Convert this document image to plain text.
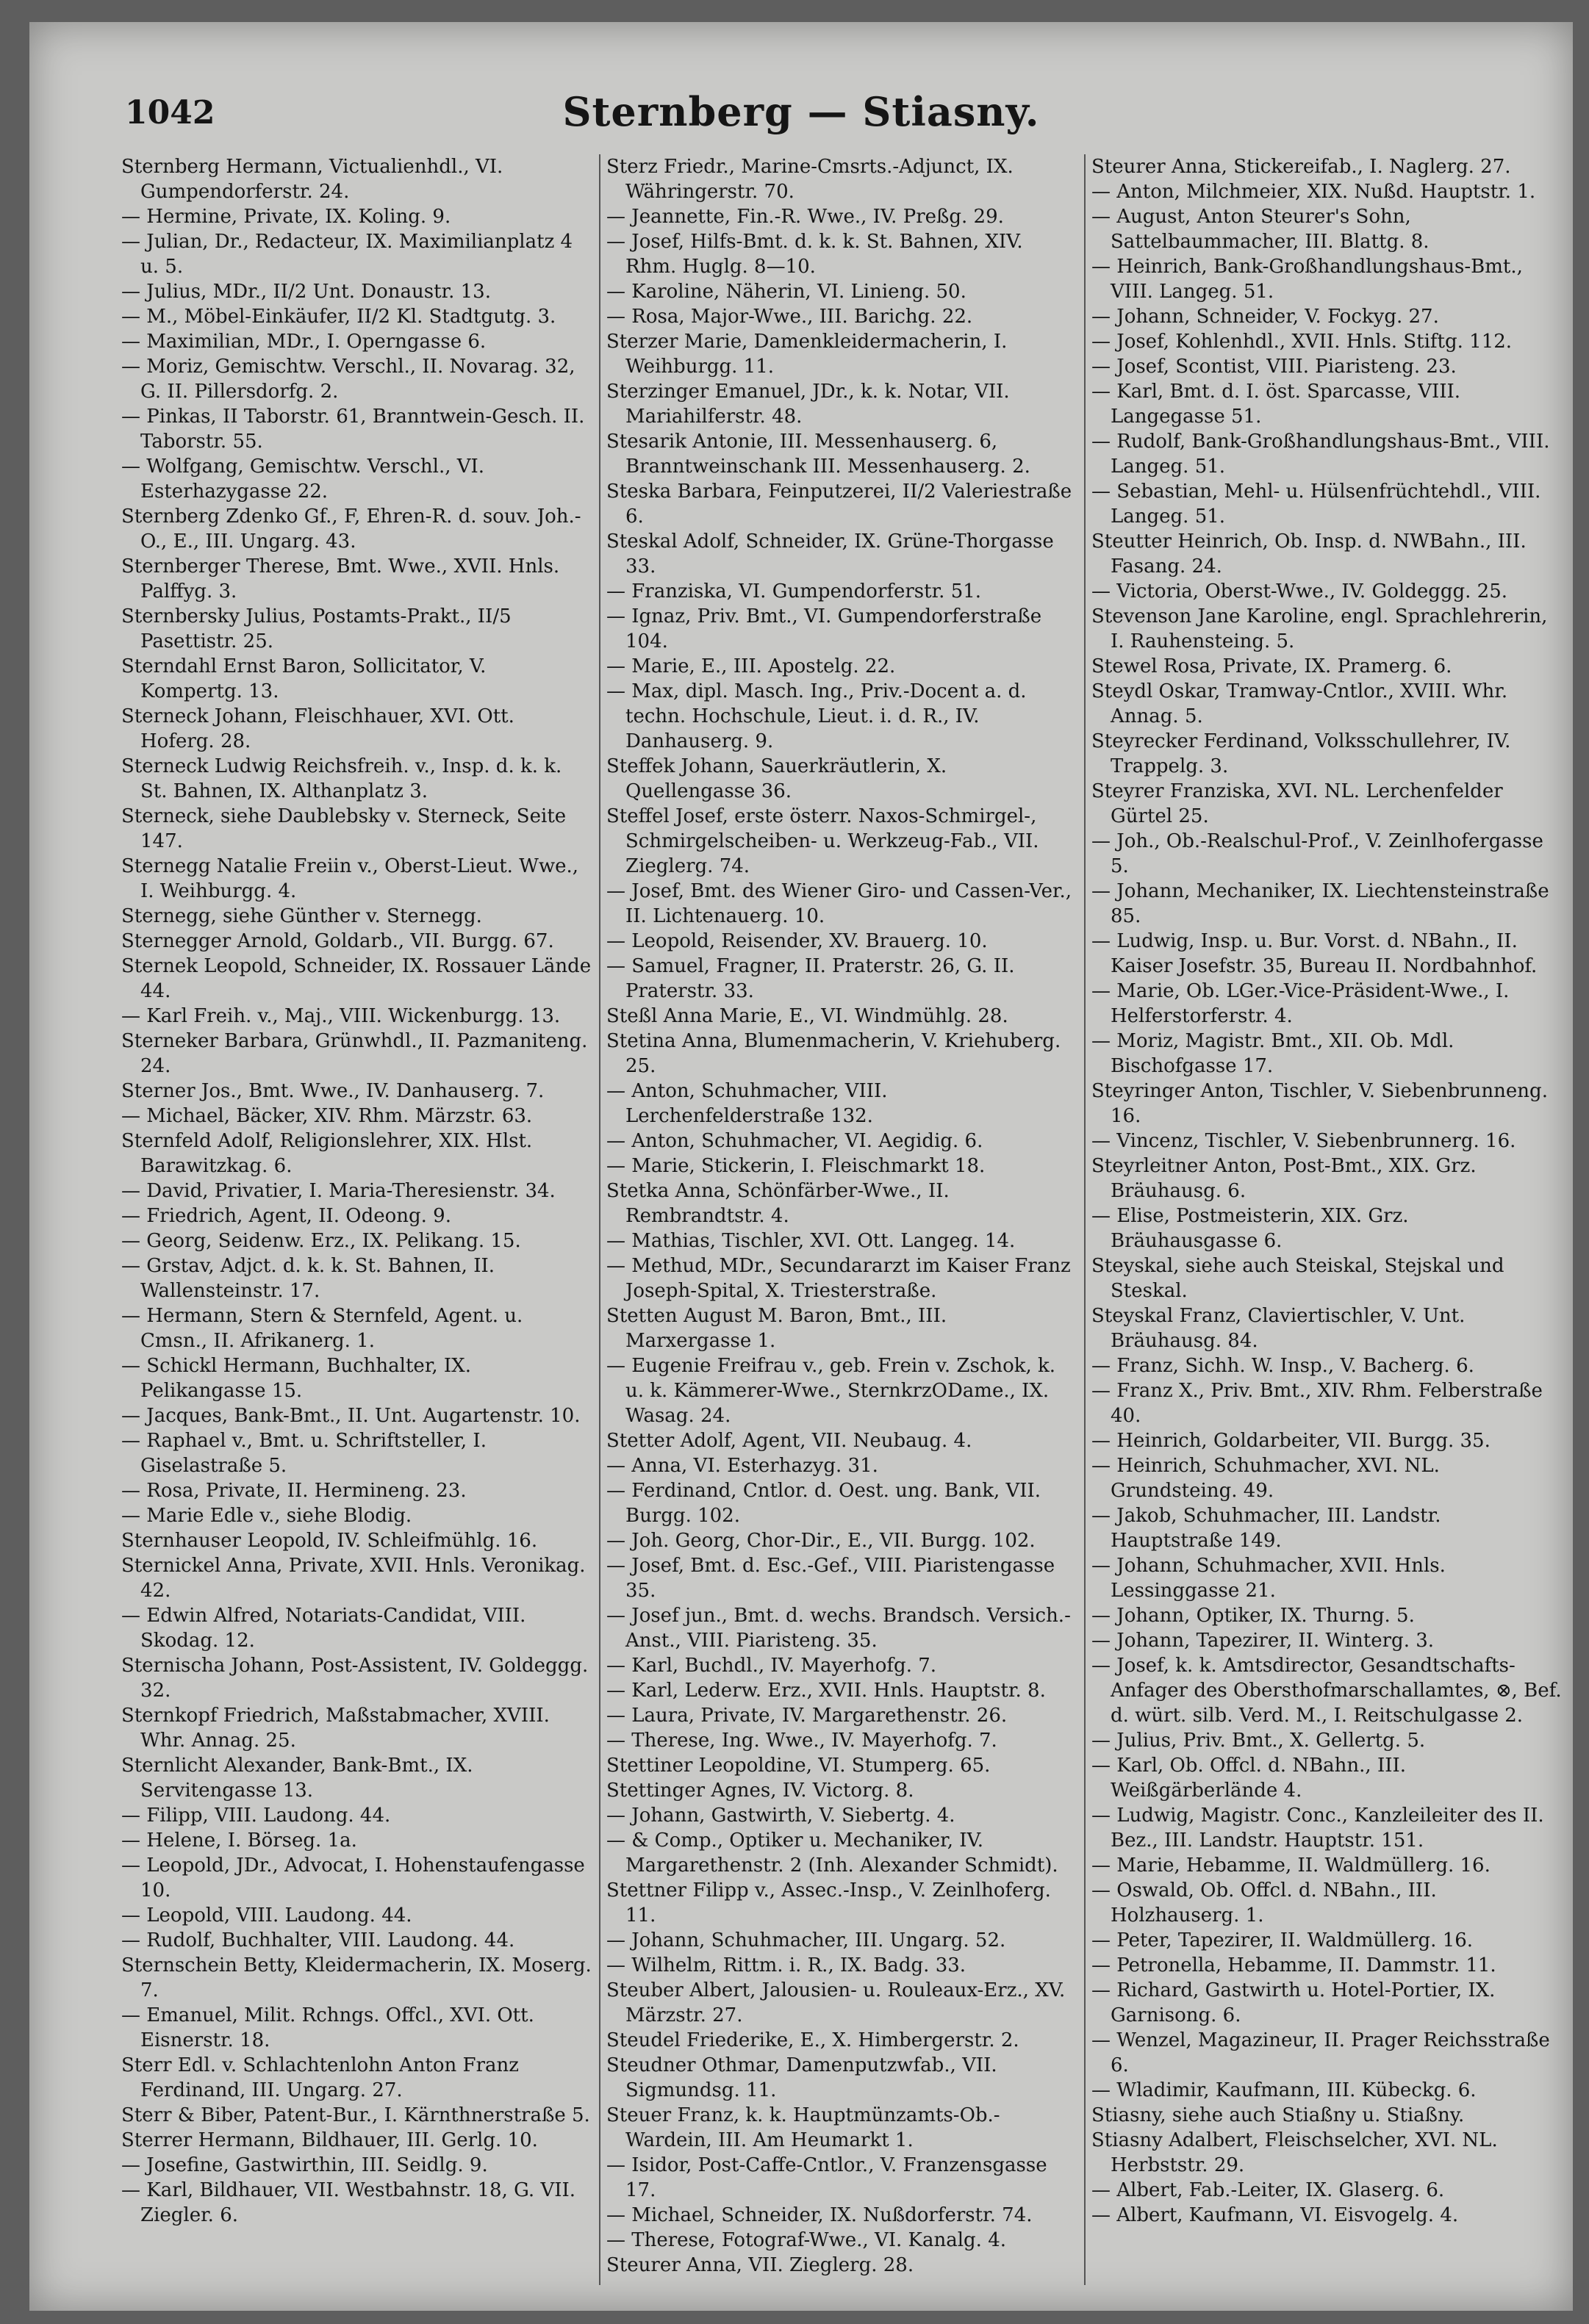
1042	Sternberg — Stiasny.

Sternberg Hermann, Victualienhdl., VI. Gumpendorferstr. 24.

— Hermine, Private, IX. Koling. 9.

— Julian, Dr., Redacteur, IX. Maximilianplatz 4 u. 5.

— Julius, MDr., II/2 Unt. Donaustr. 13.

— M., Möbel-Einkäufer, II/2 Kl. Stadtgutg. 3.

— Maximilian, MDr., I. Operngasse 6.

— Moriz, Gemischtw. Verschl., II. Novarag. 32, G. II. Pillersdorfg. 2.

— Pinkas, II Taborstr. 61, Branntwein-Gesch. II. Taborstr. 55.

— Wolfgang, Gemischtw. Verschl., VI. Esterhazygasse 22.

Sternberg Zdenko Gf., F, Ehren-R. d. souv. Joh.-O., E., III. Ungarg. 43.

Sternberger Therese, Bmt. Wwe., XVII. Hnls. Palffyg. 3.

Sternbersky Julius, Postamts-Prakt., II/5 Pasettistr. 25.

Sterndahl Ernst Baron, Sollicitator, V. Kompertg. 13.

Sterneck Johann, Fleischhauer, XVI. Ott. Hoferg. 28.

Sterneck Ludwig Reichsfreih. v., Insp. d. k. k. St. Bahnen, IX. Althanplatz 3.

Sterneck, siehe Daublebsky v. Sterneck, Seite 147.

Sternegg Natalie Freiin v., Oberst-Lieut. Wwe., I. Weihburgg. 4.

Sternegg, siehe Günther v. Sternegg.

Sternegger Arnold, Goldarb., VII. Burgg. 67.

Sternek Leopold, Schneider, IX. Rossauer Lände 44.

— Karl Freih. v., Maj., VIII. Wickenburgg. 13.

Sterneker Barbara, Grünwhdl., II. Pazmaniteng. 24.

Sterner Jos., Bmt. Wwe., IV. Danhauserg. 7.

— Michael, Bäcker, XIV. Rhm. Märzstr. 63.

Sternfeld Adolf, Religionslehrer, XIX. Hlst. Barawitzkag. 6.

— David, Privatier, I. Maria-Theresienstr. 34.

— Friedrich, Agent, II. Odeong. 9.

— Georg, Seidenw. Erz., IX. Pelikang. 15.

— Grstav, Adjct. d. k. k. St. Bahnen, II. Wallensteinstr. 17.

— Hermann, Stern & Sternfeld, Agent. u. Cmsn., II. Afrikanerg. 1.

— Schickl Hermann, Buchhalter, IX. Pelikangasse 15.

— Jacques, Bank-Bmt., II. Unt. Augartenstr. 10.

— Raphael v., Bmt. u. Schriftsteller, I. Giselastraße 5.

— Rosa, Private, II. Hermineng. 23.

— Marie Edle v., siehe Blodig.

Sternhauser Leopold, IV. Schleifmühlg. 16.

Sternickel Anna, Private, XVII. Hnls. Veronikag. 42.

— Edwin Alfred, Notariats-Candidat, VIII. Skodag. 12.

Sternischa Johann, Post-Assistent, IV. Goldeggg. 32.

Sternkopf Friedrich, Maßstabmacher, XVIII. Whr. Annag. 25.

Sternlicht Alexander, Bank-Bmt., IX. Servitengasse 13.

— Filipp, VIII. Laudong. 44.

— Helene, I. Börseg. 1a.

— Leopold, JDr., Advocat, I. Hohenstaufengasse 10.

— Leopold, VIII. Laudong. 44.

— Rudolf, Buchhalter, VIII. Laudong. 44.

Sternschein Betty, Kleidermacherin, IX. Moserg. 7.

— Emanuel, Milit. Rchngs. Offcl., XVI. Ott. Eisnerstr. 18.

Sterr Edl. v. Schlachtenlohn Anton Franz Ferdinand, III. Ungarg. 27.

Sterr & Biber, Patent-Bur., I. Kärnthnerstraße 5.

Sterrer Hermann, Bildhauer, III. Gerlg. 10.

— Josefine, Gastwirthin, III. Seidlg. 9.

— Karl, Bildhauer, VII. Westbahnstr. 18, G. VII. Ziegler. 6.

Sterz Friedr., Marine-Cmsrts.-Adjunct, IX. Währingerstr. 70.

— Jeannette, Fin.-R. Wwe., IV. Preßg. 29.

— Josef, Hilfs-Bmt. d. k. k. St. Bahnen, XIV. Rhm. Huglg. 8—10.

— Karoline, Näherin, VI. Linieng. 50.

— Rosa, Major-Wwe., III. Barichg. 22.

Sterzer Marie, Damenkleidermacherin, I. Weihburgg. 11.

Sterzinger Emanuel, JDr., k. k. Notar, VII. Mariahilferstr. 48.

Stesarik Antonie, III. Messenhauserg. 6, Branntweinschank III. Messenhauserg. 2.

Steska Barbara, Feinputzerei, II/2 Valeriestraße 6.

Steskal Adolf, Schneider, IX. Grüne-Thorgasse 33.

— Franziska, VI. Gumpendorferstr. 51.

— Ignaz, Priv. Bmt., VI. Gumpendorferstraße 104.

— Marie, E., III. Apostelg. 22.

— Max, dipl. Masch. Ing., Priv.-Docent a. d. techn. Hochschule, Lieut. i. d. R., IV. Danhauserg. 9.

Steffek Johann, Sauerkräutlerin, X. Quellengasse 36.

Steffel Josef, erste österr. Naxos-Schmirgel-, Schmirgelscheiben- u. Werkzeug-Fab., VII. Zieglerg. 74.

— Josef, Bmt. des Wiener Giro- und Cassen-Ver., II. Lichtenauerg. 10.

— Leopold, Reisender, XV. Brauerg. 10.

— Samuel, Fragner, II. Praterstr. 26, G. II. Praterstr. 33.

Steßl Anna Marie, E., VI. Windmühlg. 28.

Stetina Anna, Blumenmacherin, V. Kriehuberg. 25.

— Anton, Schuhmacher, VIII. Lerchenfelderstraße 132.

— Anton, Schuhmacher, VI. Aegidig. 6.

— Marie, Stickerin, I. Fleischmarkt 18.

Stetka Anna, Schönfärber-Wwe., II. Rembrandtstr. 4.

— Mathias, Tischler, XVI. Ott. Langeg. 14.

— Methud, MDr., Secundararzt im Kaiser Franz Joseph-Spital, X. Triesterstraße.

Stetten August M. Baron, Bmt., III. Marxergasse 1.

— Eugenie Freifrau v., geb. Frein v. Zschok, k. u. k. Kämmerer-Wwe., SternkrzODame., IX. Wasag. 24.

Stetter Adolf, Agent, VII. Neubaug. 4.

— Anna, VI. Esterhazyg. 31.

— Ferdinand, Cntlor. d. Oest. ung. Bank, VII. Burgg. 102.

— Joh. Georg, Chor-Dir., E., VII. Burgg. 102.

— Josef, Bmt. d. Esc.-Gef., VIII. Piaristengasse 35.

— Josef jun., Bmt. d. wechs. Brandsch. Versich.-Anst., VIII. Piaristeng. 35.

— Karl, Buchdl., IV. Mayerhofg. 7.

— Karl, Lederw. Erz., XVII. Hnls. Hauptstr. 8.

— Laura, Private, IV. Margarethenstr. 26.

— Therese, Ing. Wwe., IV. Mayerhofg. 7.

Stettiner Leopoldine, VI. Stumperg. 65.

Stettinger Agnes, IV. Victorg. 8.

— Johann, Gastwirth, V. Siebertg. 4.

— & Comp., Optiker u. Mechaniker, IV. Margarethenstr. 2 (Inh. Alexander Schmidt).

Stettner Filipp v., Assec.-Insp., V. Zeinlhoferg. 11.

— Johann, Schuhmacher, III. Ungarg. 52.

— Wilhelm, Rittm. i. R., IX. Badg. 33.

Steuber Albert, Jalousien- u. Rouleaux-Erz., XV. Märzstr. 27.

Steudel Friederike, E., X. Himbergerstr. 2.

Steudner Othmar, Damenputzwfab., VII. Sigmundsg. 11.

Steuer Franz, k. k. Hauptmünzamts-Ob.-Wardein, III. Am Heumarkt 1.

— Isidor, Post-Caffe-Cntlor., V. Franzensgasse 17.

— Michael, Schneider, IX. Nußdorferstr. 74.

— Therese, Fotograf-Wwe., VI. Kanalg. 4.

Steurer Anna, VII. Zieglerg. 28.

Steurer Anna, Stickereifab., I. Naglerg. 27.

— Anton, Milchmeier, XIX. Nußd. Hauptstr. 1.

— August, Anton Steurer's Sohn, Sattelbaummacher, III. Blattg. 8.

— Heinrich, Bank-Großhandlungshaus-Bmt., VIII. Langeg. 51.

— Johann, Schneider, V. Fockyg. 27.

— Josef, Kohlenhdl., XVII. Hnls. Stiftg. 112.

— Josef, Scontist, VIII. Piaristeng. 23.

— Karl, Bmt. d. I. öst. Sparcasse, VIII. Langegasse 51.

— Rudolf, Bank-Großhandlungshaus-Bmt., VIII. Langeg. 51.

— Sebastian, Mehl- u. Hülsenfrüchtehdl., VIII. Langeg. 51.

Steutter Heinrich, Ob. Insp. d. NWBahn., III. Fasang. 24.

— Victoria, Oberst-Wwe., IV. Goldeggg. 25.

Stevenson Jane Karoline, engl. Sprachlehrerin, I. Rauhensteing. 5.

Stewel Rosa, Private, IX. Pramerg. 6.

Steydl Oskar, Tramway-Cntlor., XVIII. Whr. Annag. 5.

Steyrecker Ferdinand, Volksschullehrer, IV. Trappelg. 3.

Steyrer Franziska, XVI. NL. Lerchenfelder Gürtel 25.

— Joh., Ob.-Realschul-Prof., V. Zeinlhofergasse 5.

— Johann, Mechaniker, IX. Liechtensteinstraße 85.

— Ludwig, Insp. u. Bur. Vorst. d. NBahn., II. Kaiser Josefstr. 35, Bureau II. Nordbahnhof.

— Marie, Ob. LGer.-Vice-Präsident-Wwe., I. Helferstorferstr. 4.

— Moriz, Magistr. Bmt., XII. Ob. Mdl. Bischofgasse 17.

Steyringer Anton, Tischler, V. Siebenbrunneng. 16.

— Vincenz, Tischler, V. Siebenbrunnerg. 16.

Steyrleitner Anton, Post-Bmt., XIX. Grz. Bräuhausg. 6.

— Elise, Postmeisterin, XIX. Grz. Bräuhausgasse 6.

Steyskal, siehe auch Steiskal, Stejskal und Steskal.

Steyskal Franz, Claviertischler, V. Unt. Bräuhausg. 84.

— Franz, Sichh. W. Insp., V. Bacherg. 6.

— Franz X., Priv. Bmt., XIV. Rhm. Felberstraße 40.

— Heinrich, Goldarbeiter, VII. Burgg. 35.

— Heinrich, Schuhmacher, XVI. NL. Grundsteing. 49.

— Jakob, Schuhmacher, III. Landstr. Hauptstraße 149.

— Johann, Schuhmacher, XVII. Hnls. Lessinggasse 21.

— Johann, Optiker, IX. Thurng. 5.

— Johann, Tapezirer, II. Winterg. 3.

— Josef, k. k. Amtsdirector, Gesandtschafts-Anfager des Obersthofmarschallamtes, ⊗, Bef. d. würt. silb. Verd. M., I. Reitschulgasse 2.

— Julius, Priv. Bmt., X. Gellertg. 5.

— Karl, Ob. Offcl. d. NBahn., III. Weißgärberlände 4.

— Ludwig, Magistr. Conc., Kanzleileiter des II. Bez., III. Landstr. Hauptstr. 151.

— Marie, Hebamme, II. Waldmüllerg. 16.

— Oswald, Ob. Offcl. d. NBahn., III. Holzhauserg. 1.

— Peter, Tapezirer, II. Waldmüllerg. 16.

— Petronella, Hebamme, II. Dammstr. 11.

— Richard, Gastwirth u. Hotel-Portier, IX. Garnisong. 6.

— Wenzel, Magazineur, II. Prager Reichsstraße 6.

— Wladimir, Kaufmann, III. Kübeckg. 6.

Stiasny, siehe auch Stiaßny u. Stiaßny.

Stiasny Adalbert, Fleischselcher, XVI. NL. Herbststr. 29.

— Albert, Fab.-Leiter, IX. Glaserg. 6.

— Albert, Kaufmann, VI. Eisvogelg. 4.
